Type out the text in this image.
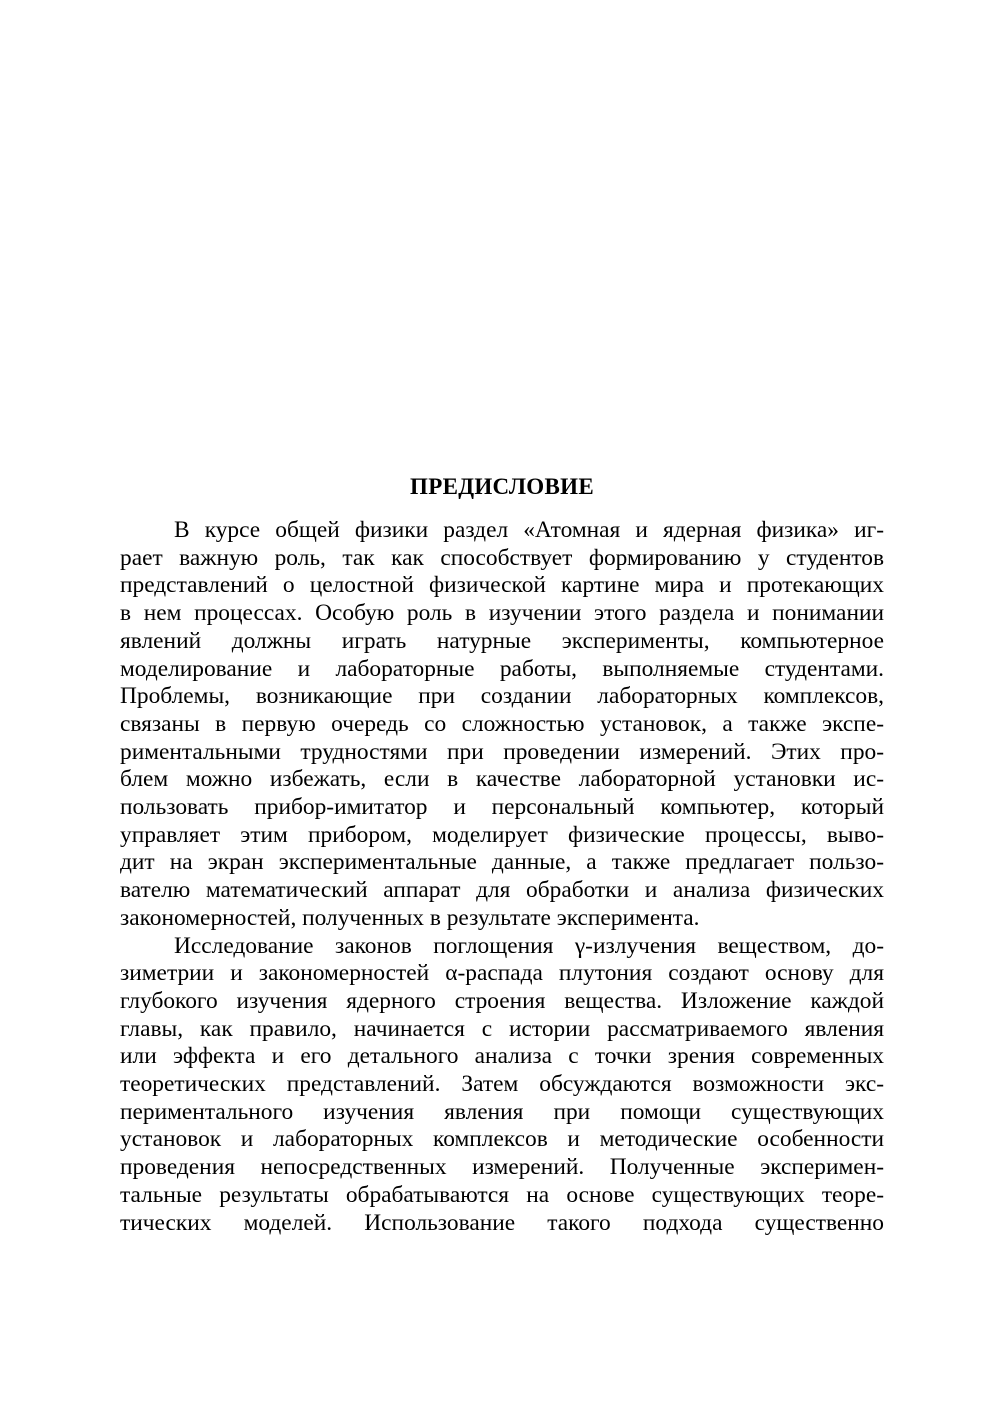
ПРЕДИСЛОВИЕ

В курсе общей физики раздел «Атомная и ядерная физика» иг-
рает важную роль, так как способствует формированию у студентов
представлений о целостной физической картине мира и протекающих
в нем процессах. Особую роль в изучении этого раздела и понимании
явлений должны играть натурные эксперименты, компьютерное
моделирование и лабораторные работы, выполняемые студентами.
Проблемы, возникающие при создании лабораторных комплексов,
связаны в первую очередь со сложностью установок, а также экспе-
риментальными трудностями при проведении измерений. Этих про-
блем можно избежать, если в качестве лабораторной установки ис-
пользовать прибор-имитатор и персональный компьютер, который
управляет этим прибором, моделирует физические процессы, выво-
дит на экран экспериментальные данные, а также предлагает пользо-
вателю математический аппарат для обработки и анализа физических
закономерностей, полученных в результате эксперимента.

Исследование законов поглощения γ-излучения веществом, до-
зиметрии и закономерностей α-распада плутония создают основу для
глубокого изучения ядерного строения вещества. Изложение каждой
главы, как правило, начинается с истории рассматриваемого явления
или эффекта и его детального анализа с точки зрения современных
теоретических представлений. Затем обсуждаются возможности экс-
периментального изучения явления при помощи существующих
установок и лабораторных комплексов и методические особенности
проведения непосредственных измерений. Полученные эксперимен-
тальные результаты обрабатываются на основе существующих теоре-
тических моделей. Использование такого подхода существенно
